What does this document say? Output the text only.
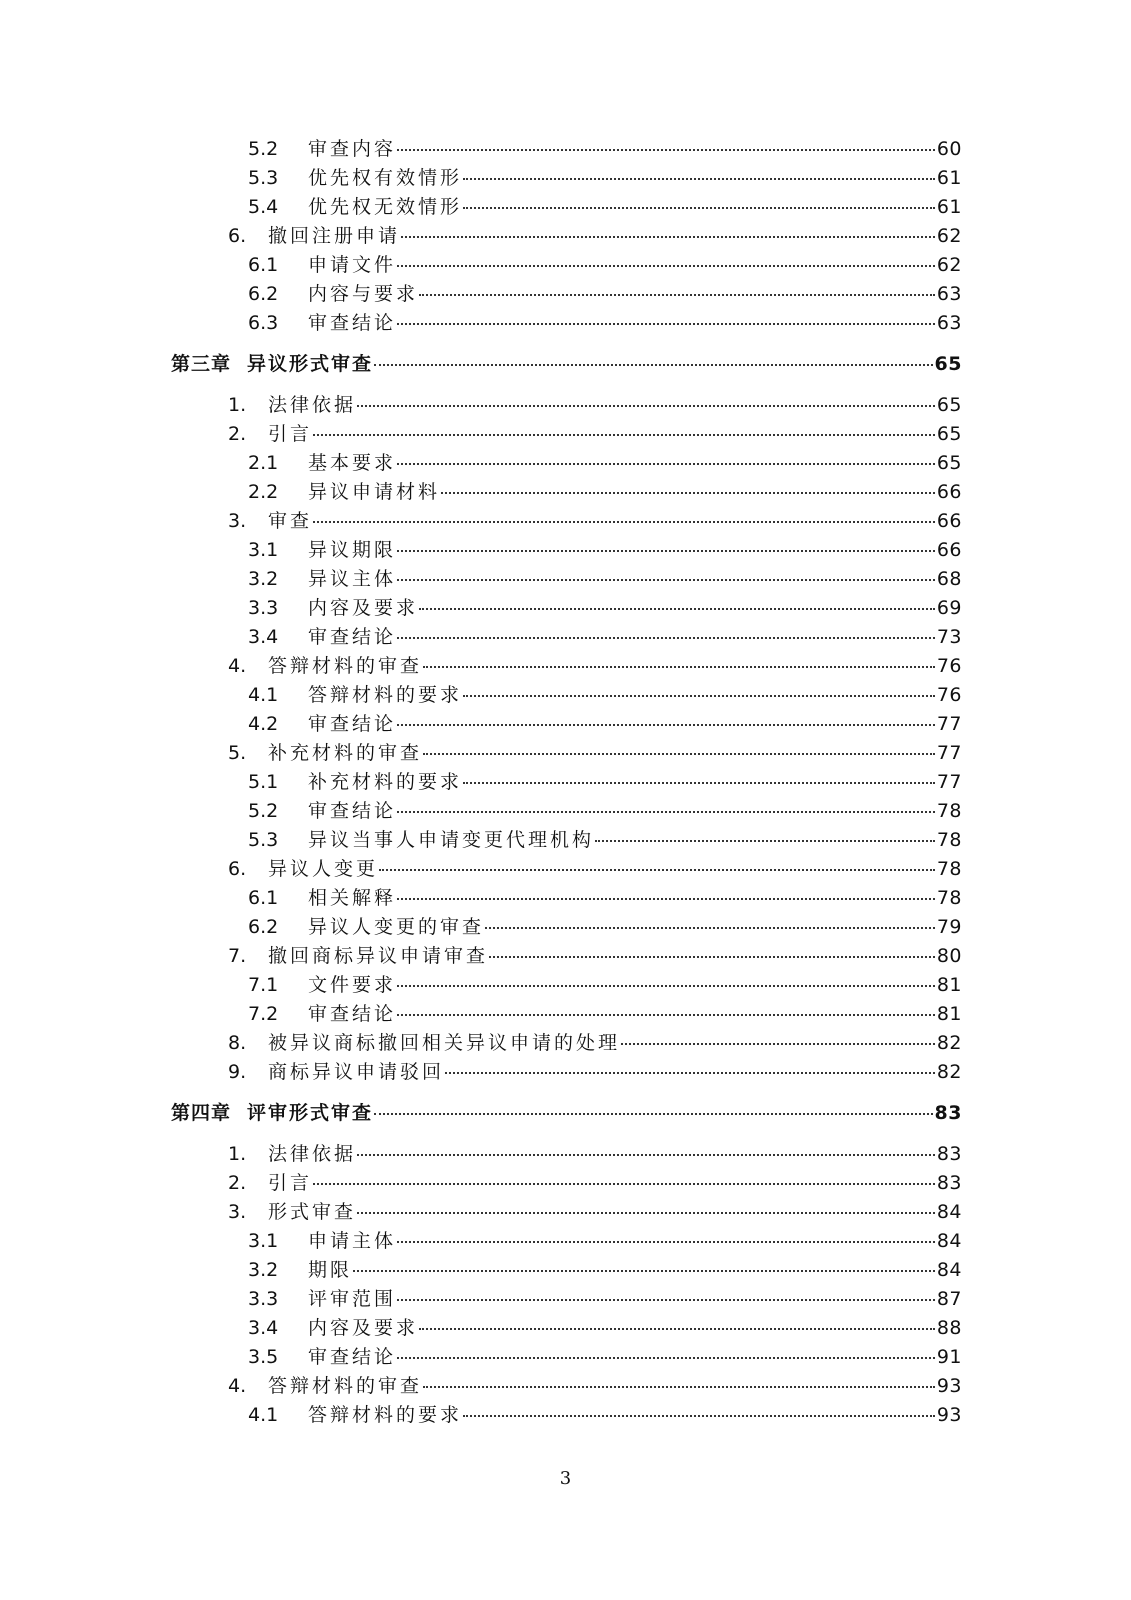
5.2	审查内容	60
5.3	优先权有效情形	61
5.4	优先权无效情形	61
6.	撤回注册申请	62
6.1	申请文件	62
6.2	内容与要求	63
6.3	审查结论	63
第三章 异议形式审查	65
1.	法律依据	65
2.	引言	65
2.1	基本要求	65
2.2	异议申请材料	66
3.	审查	66
3.1	异议期限	66
3.2	异议主体	68
3.3	内容及要求	69
3.4	审查结论	73
4.	答辩材料的审查	76
4.1	答辩材料的要求	76
4.2	审查结论	77
5.	补充材料的审查	77
5.1	补充材料的要求	77
5.2	审查结论	78
5.3	异议当事人申请变更代理机构	78
6.	异议人变更	78
6.1	相关解释	78
6.2	异议人变更的审查	79
7.	撤回商标异议申请审查	80
7.1	文件要求	81
7.2	审查结论	81
8.	被异议商标撤回相关异议申请的处理	82
9.	商标异议申请驳回	82
第四章 评审形式审查	83
1.	法律依据	83
2.	引言	83
3.	形式审查	84
3.1	申请主体	84
3.2	期限	84
3.3	评审范围	87
3.4	内容及要求	88
3.5	审查结论	91
4.	答辩材料的审查	93
4.1	答辩材料的要求	93
3
